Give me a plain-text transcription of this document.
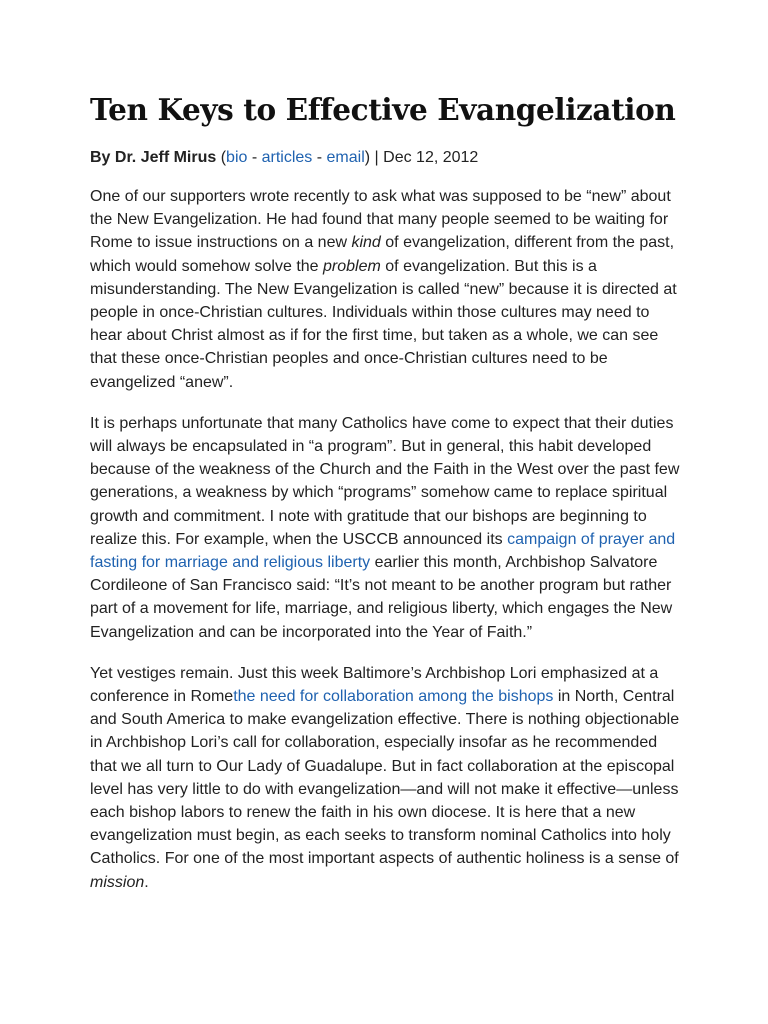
Ten Keys to Effective Evangelization
By Dr. Jeff Mirus (bio - articles - email) | Dec 12, 2012

One of our supporters wrote recently to ask what was supposed to be “new” about the New Evangelization. He had found that many people seemed to be waiting for Rome to issue instructions on a new kind of evangelization, different from the past, which would somehow solve the problem of evangelization. But this is a misunderstanding. The New Evangelization is called “new” because it is directed at people in once-Christian cultures. Individuals within those cultures may need to hear about Christ almost as if for the first time, but taken as a whole, we can see that these once-Christian peoples and once-Christian cultures need to be evangelized “anew”.

It is perhaps unfortunate that many Catholics have come to expect that their duties will always be encapsulated in “a program”. But in general, this habit developed because of the weakness of the Church and the Faith in the West over the past few generations, a weakness by which “programs” somehow came to replace spiritual growth and commitment. I note with gratitude that our bishops are beginning to realize this. For example, when the USCCB announced its campaign of prayer and fasting for marriage and religious liberty earlier this month, Archbishop Salvatore Cordileone of San Francisco said: “It’s not meant to be another program but rather part of a movement for life, marriage, and religious liberty, which engages the New Evangelization and can be incorporated into the Year of Faith.”

Yet vestiges remain. Just this week Baltimore’s Archbishop Lori emphasized at a conference in Romethe need for collaboration among the bishops in North, Central and South America to make evangelization effective. There is nothing objectionable in Archbishop Lori’s call for collaboration, especially insofar as he recommended that we all turn to Our Lady of Guadalupe. But in fact collaboration at the episcopal level has very little to do with evangelization—and will not make it effective—unless each bishop labors to renew the faith in his own diocese. It is here that a new evangelization must begin, as each seeks to transform nominal Catholics into holy Catholics. For one of the most important aspects of authentic holiness is a sense of mission.
